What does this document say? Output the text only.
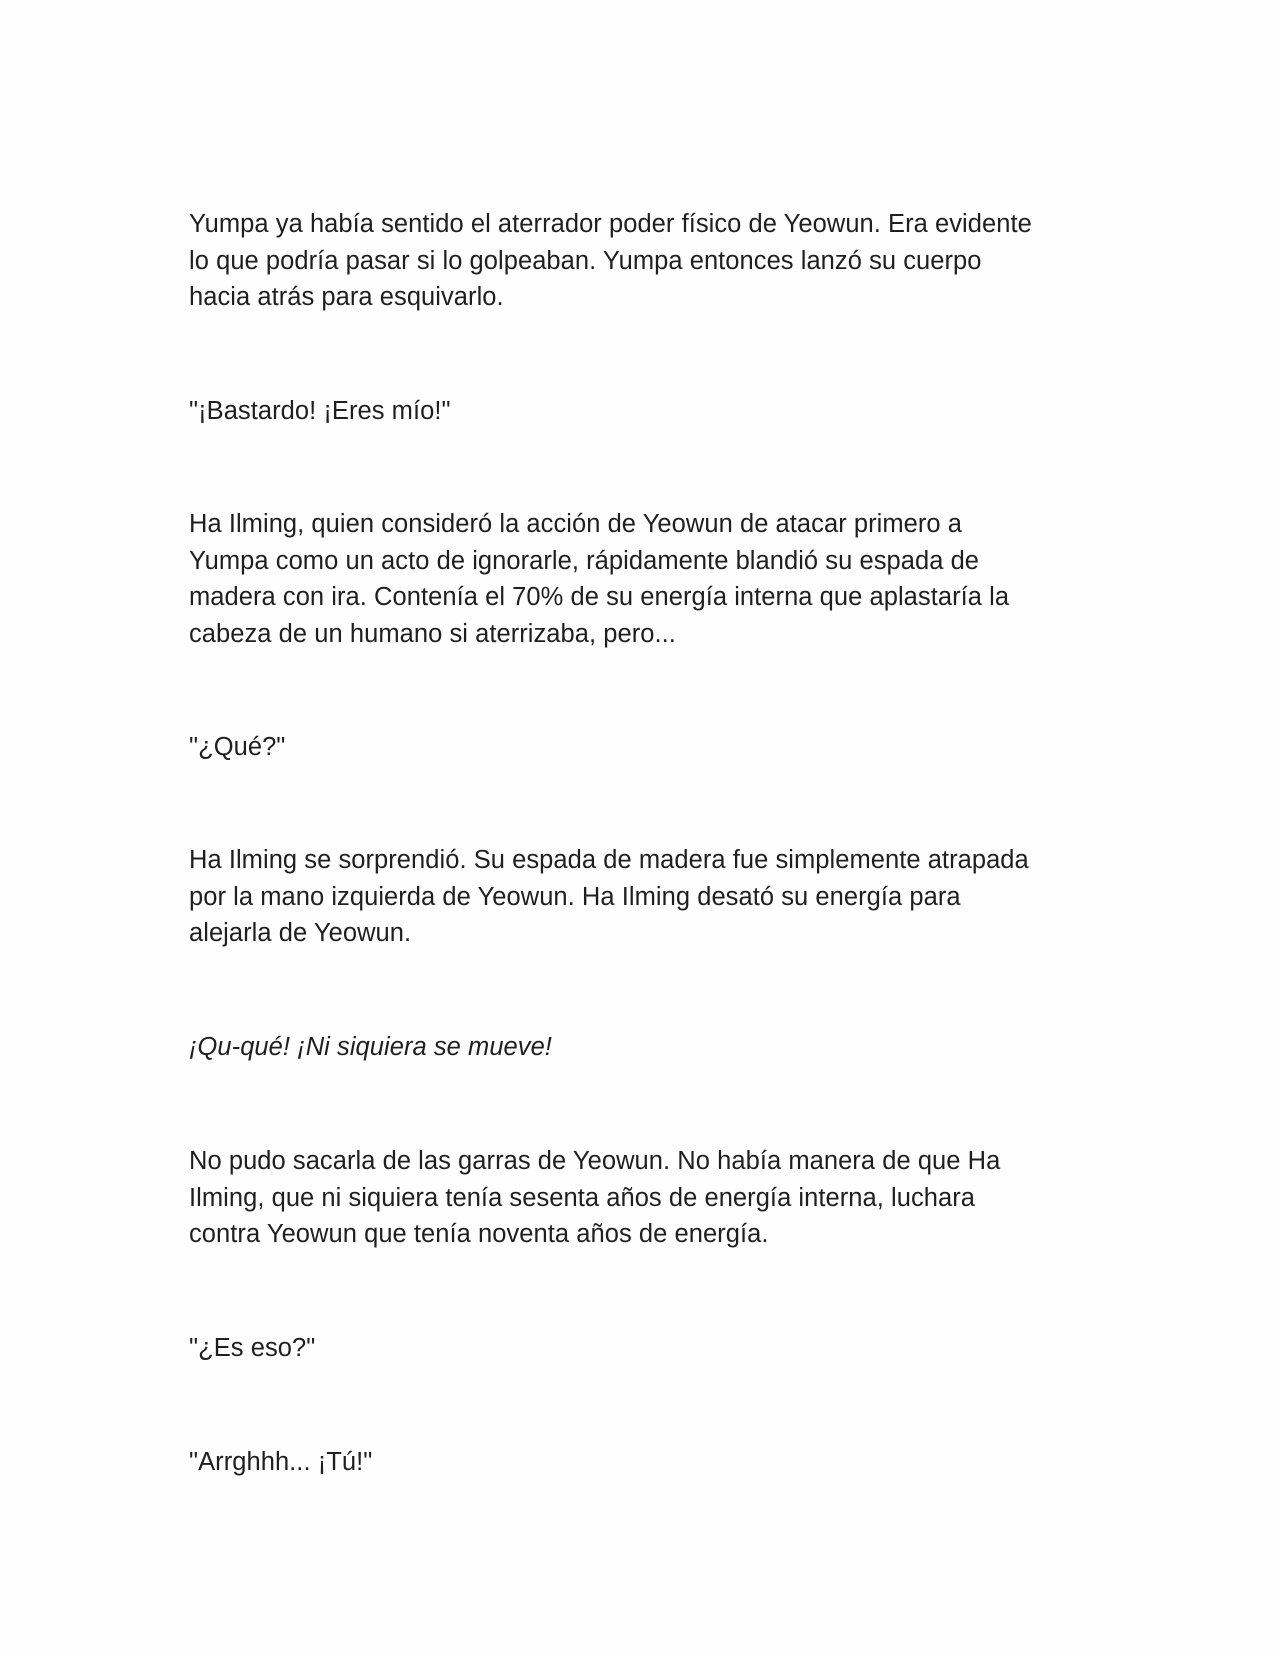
Yumpa ya había sentido el aterrador poder físico de Yeowun. Era evidente
lo que podría pasar si lo golpeaban. Yumpa entonces lanzó su cuerpo
hacia atrás para esquivarlo.

"¡Bastardo! ¡Eres mío!"

Ha Ilming, quien consideró la acción de Yeowun de atacar primero a
Yumpa como un acto de ignorarle, rápidamente blandió su espada de
madera con ira. Contenía el 70% de su energía interna que aplastaría la
cabeza de un humano si aterrizaba, pero...

"¿Qué?"

Ha Ilming se sorprendió. Su espada de madera fue simplemente atrapada
por la mano izquierda de Yeowun. Ha Ilming desató su energía para
alejarla de Yeowun.

¡Qu-qué! ¡Ni siquiera se mueve!

No pudo sacarla de las garras de Yeowun. No había manera de que Ha
Ilming, que ni siquiera tenía sesenta años de energía interna, luchara
contra Yeowun que tenía noventa años de energía.

"¿Es eso?"

"Arrghhh... ¡Tú!"
